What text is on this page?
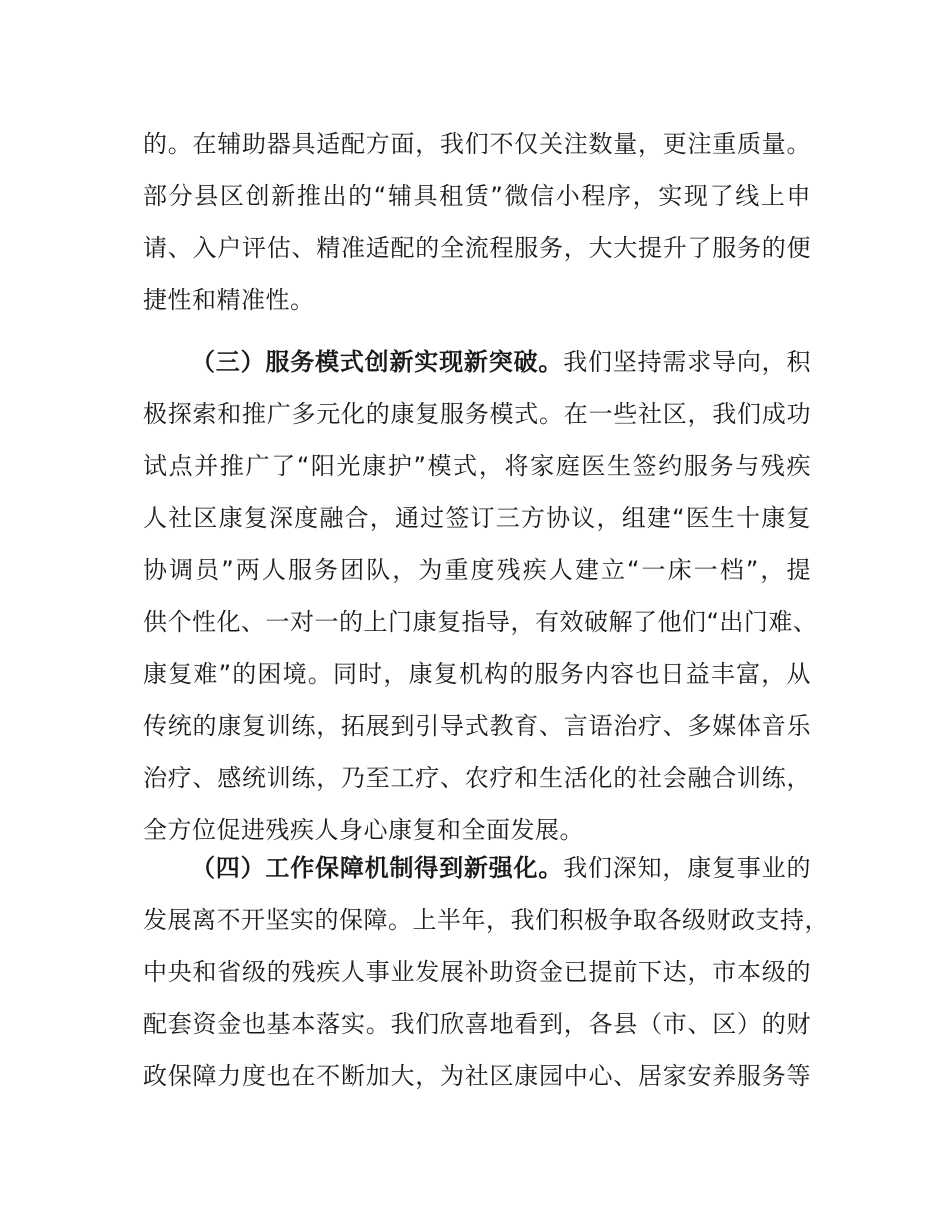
的。在辅助器具适配方面，我们不仅关注数量，更注重质量。
部分县区创新推出的“辅具租赁”微信小程序，实现了线上申
请、入户评估、精准适配的全流程服务，大大提升了服务的便
捷性和精准性。
（三）服务模式创新实现新突破。我们坚持需求导向，积
极探索和推广多元化的康复服务模式。在一些社区，我们成功
试点并推广了“阳光康护”模式，将家庭医生签约服务与残疾
人社区康复深度融合，通过签订三方协议，组建“医生十康复
协调员”两人服务团队，为重度残疾人建立“一床一档”，提
供个性化、一对一的上门康复指导，有效破解了他们“出门难、
康复难”的困境。同时，康复机构的服务内容也日益丰富，从
传统的康复训练，拓展到引导式教育、言语治疗、多媒体音乐
治疗、感统训练，乃至工疗、农疗和生活化的社会融合训练，
全方位促进残疾人身心康复和全面发展。
（四）工作保障机制得到新强化。我们深知，康复事业的
发展离不开坚实的保障。上半年，我们积极争取各级财政支持，
中央和省级的残疾人事业发展补助资金已提前下达，市本级的
配套资金也基本落实。我们欣喜地看到，各县（市、区）的财
政保障力度也在不断加大，为社区康园中心、居家安养服务等
